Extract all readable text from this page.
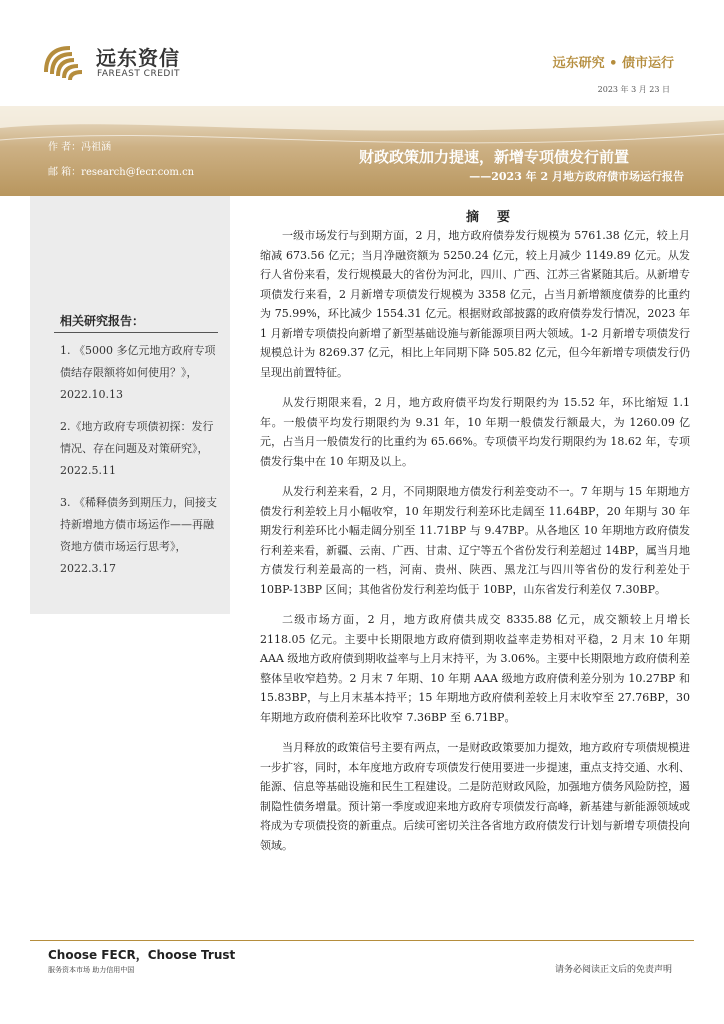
远东资信
FAREAST CREDIT
远东研究 • 债市运行
2023 年 3 月 23 日
作 者：冯祖涵
邮 箱：research@fecr.com.cn
财政政策加力提速，新增专项债发行前置
——2023 年 2 月地方政府债市场运行报告
相关研究报告：
1. 《5000 多亿元地方政府专项债结存限额将如何使用？》，2022.10.13
2.《地方政府专项债初探：发行情况、存在问题及对策研究》，2022.5.11
3. 《稀释债务到期压力，间接支持新增地方债市场运作——再融资地方债市场运行思考》，2022.3.17
摘要

一级市场发行与到期方面，2 月，地方政府债券发行规模为 5761.38 亿元，较上月缩减 673.56 亿元；当月净融资额为 5250.24 亿元，较上月减少 1149.89 亿元。从发行人省份来看，发行规模最大的省份为河北，四川、广西、江苏三省紧随其后。从新增专项债发行来看，2 月新增专项债发行规模为 3358 亿元，占当月新增额度债券的比重约为 75.99%，环比减少 1554.31 亿元。根据财政部披露的政府债券发行情况，2023 年 1 月新增专项债投向新增了新型基础设施与新能源项目两大领域。1-2 月新增专项债发行规模总计为 8269.37 亿元，相比上年同期下降 505.82 亿元，但今年新增专项债发行仍呈现出前置特征。

从发行期限来看，2 月，地方政府债平均发行期限约为 15.52 年，环比缩短 1.1 年。一般债平均发行期限约为 9.31 年，10 年期一般债发行额最大，为 1260.09 亿元，占当月一般债发行的比重约为 65.66%。专项债平均发行期限约为 18.62 年，专项债发行集中在 10 年期及以上。

从发行利差来看，2 月，不同期限地方债发行利差变动不一。7 年期与 15 年期地方债发行利差较上月小幅收窄，10 年期发行利差环比走阔至 11.64BP，20 年期与 30 年期发行利差环比小幅走阔分别至 11.71BP 与 9.47BP。从各地区 10 年期地方政府债发行利差来看，新疆、云南、广西、甘肃、辽宁等五个省份发行利差超过 14BP，属当月地方债发行利差最高的一档，河南、贵州、陕西、黑龙江与四川等省份的发行利差处于 10BP-13BP 区间；其他省份发行利差均低于 10BP，山东省发行利差仅 7.30BP。

二级市场方面，2 月，地方政府债共成交 8335.88 亿元，成交额较上月增长 2118.05 亿元。主要中长期限地方政府债到期收益率走势相对平稳，2 月末 10 年期 AAA 级地方政府债到期收益率与上月末持平，为 3.06%。主要中长期限地方政府债利差整体呈收窄趋势。2 月末 7 年期、10 年期 AAA 级地方政府债利差分别为 10.27BP 和 15.83BP，与上月末基本持平；15 年期地方政府债利差较上月末收窄至 27.76BP，30 年期地方政府债利差环比收窄 7.36BP 至 6.71BP。

当月释放的政策信号主要有两点，一是财政政策要加力提效，地方政府专项债规模进一步扩容，同时，本年度地方政府专项债发行使用要进一步提速，重点支持交通、水利、能源、信息等基础设施和民生工程建设。二是防范财政风险，加强地方债务风险防控，遏制隐性债务增量。预计第一季度或迎来地方政府专项债发行高峰，新基建与新能源领域或将成为专项债投资的新重点。后续可密切关注各省地方政府债发行计划与新增专项债投向领域。

Choose FECR，Choose Trust
服务资本市场 助力信用中国	请务必阅读正文后的免责声明
